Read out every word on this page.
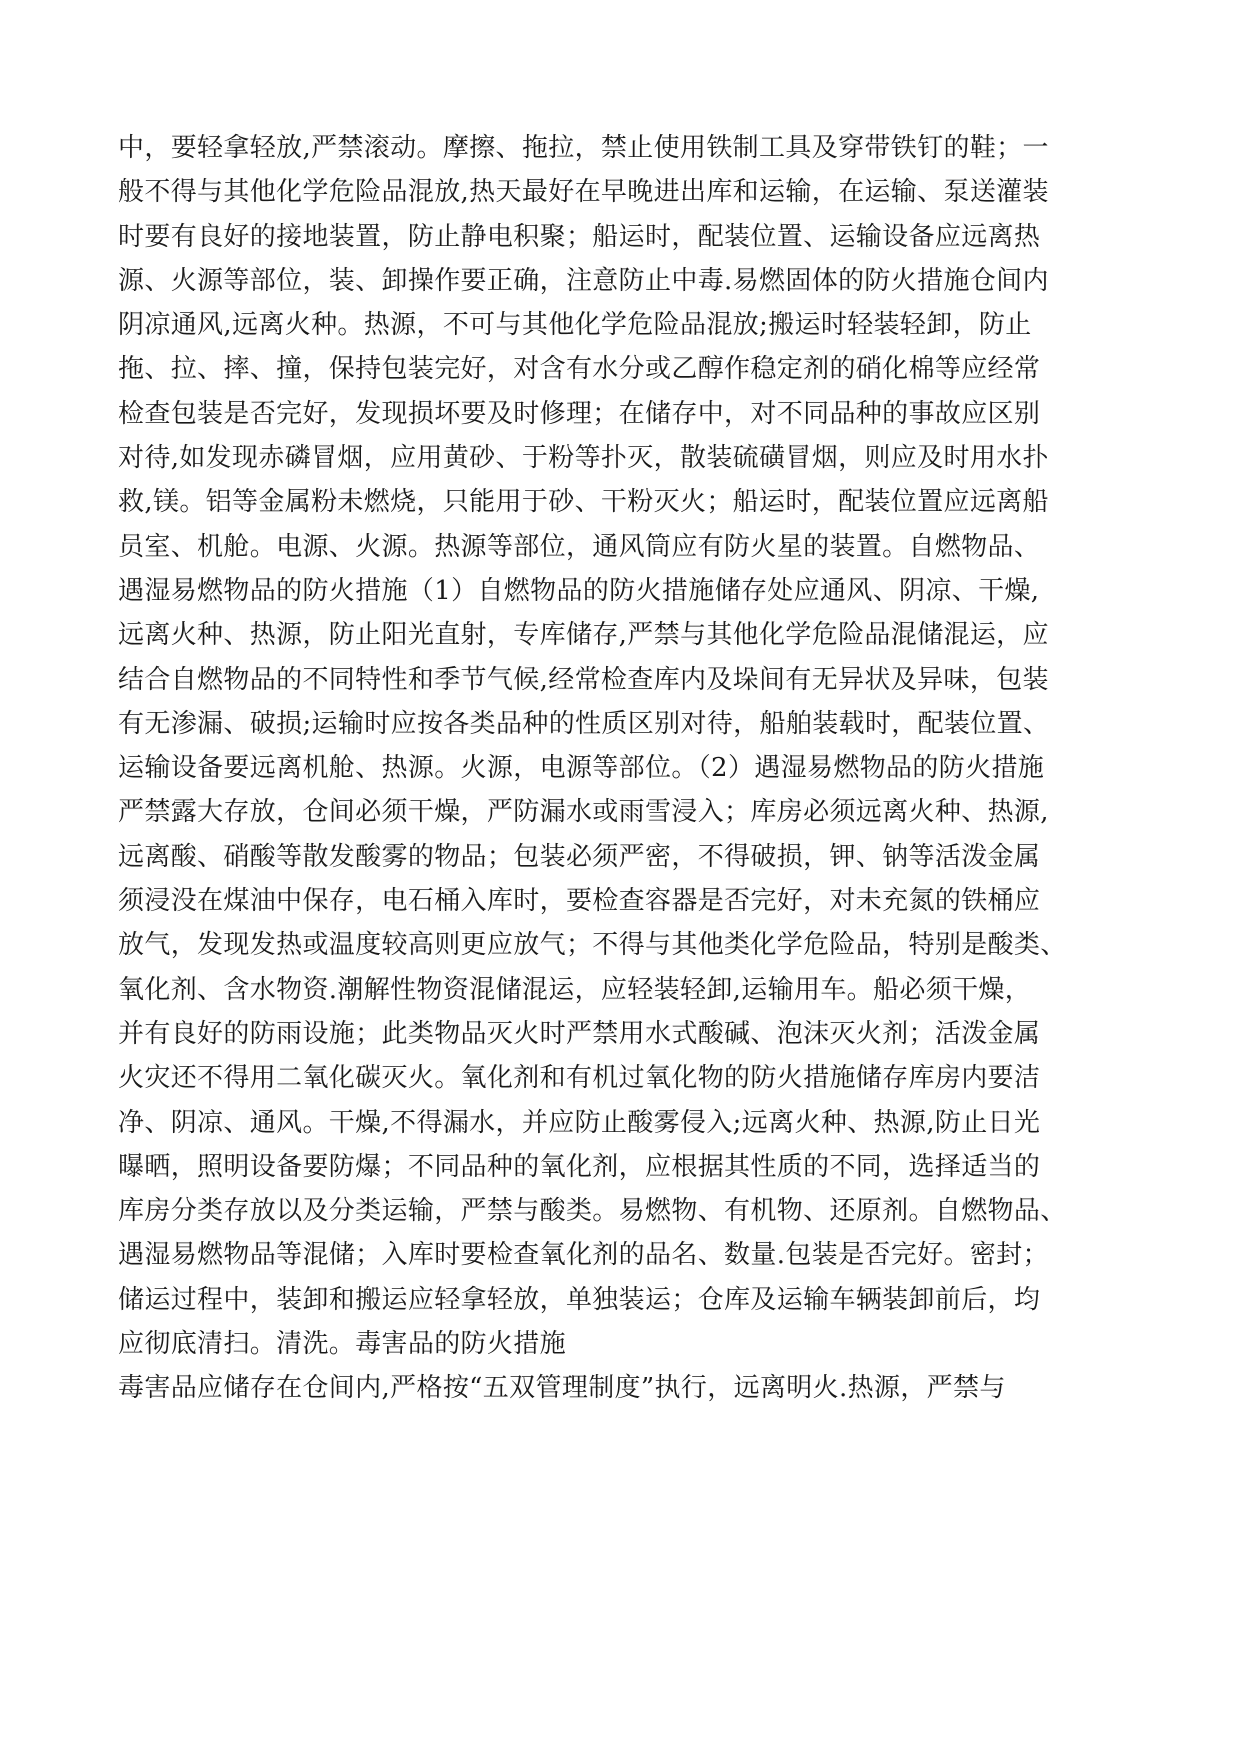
中，要轻拿轻放,严禁滚动。摩擦、拖拉，禁止使用铁制工具及穿带铁钉的鞋；一
般不得与其他化学危险品混放,热天最好在早晚进出库和运输，在运输、泵送灌装
时要有良好的接地装置，防止静电积聚；船运时，配装位置、运输设备应远离热
源、火源等部位，装、卸操作要正确，注意防止中毒.易燃固体的防火措施仓间内
阴凉通风,远离火种。热源，不可与其他化学危险品混放;搬运时轻装轻卸，防止
拖、拉、摔、撞，保持包装完好，对含有水分或乙醇作稳定剂的硝化棉等应经常
检查包装是否完好，发现损坏要及时修理；在储存中，对不同品种的事故应区别
对待,如发现赤磷冒烟，应用黄砂、于粉等扑灭，散装硫磺冒烟，则应及时用水扑
救,镁。铝等金属粉未燃烧，只能用于砂、干粉灭火；船运时，配装位置应远离船
员室、机舱。电源、火源。热源等部位，通风筒应有防火星的装置。自燃物品、
遇湿易燃物品的防火措施（1）自燃物品的防火措施储存处应通风、阴凉、干燥,
远离火种、热源，防止阳光直射，专库储存,严禁与其他化学危险品混储混运，应
结合自燃物品的不同特性和季节气候,经常检查库内及垛间有无异状及异味，包装
有无渗漏、破损;运输时应按各类品种的性质区别对待，船舶装载时，配装位置、
运输设备要远离机舱、热源。火源，电源等部位。（2）遇湿易燃物品的防火措施
严禁露大存放，仓间必须干燥，严防漏水或雨雪浸入；库房必须远离火种、热源,
远离酸、硝酸等散发酸雾的物品；包装必须严密，不得破损，钾、钠等活泼金属
须浸没在煤油中保存，电石桶入库时，要检查容器是否完好，对未充氮的铁桶应
放气，发现发热或温度较高则更应放气；不得与其他类化学危险品，特别是酸类、
氧化剂、含水物资.潮解性物资混储混运，应轻装轻卸,运输用车。船必须干燥，
并有良好的防雨设施；此类物品灭火时严禁用水式酸碱、泡沫灭火剂；活泼金属
火灾还不得用二氧化碳灭火。氧化剂和有机过氧化物的防火措施储存库房内要洁
净、阴凉、通风。干燥,不得漏水，并应防止酸雾侵入;远离火种、热源,防止日光
曝晒，照明设备要防爆；不同品种的氧化剂，应根据其性质的不同，选择适当的
库房分类存放以及分类运输，严禁与酸类。易燃物、有机物、还原剂。自燃物品、
遇湿易燃物品等混储；入库时要检查氧化剂的品名、数量.包装是否完好。密封；
储运过程中，装卸和搬运应轻拿轻放，单独装运；仓库及运输车辆装卸前后，均
应彻底清扫。清洗。毒害品的防火措施
毒害品应储存在仓间内,严格按“五双管理制度”执行，远离明火.热源，严禁与
